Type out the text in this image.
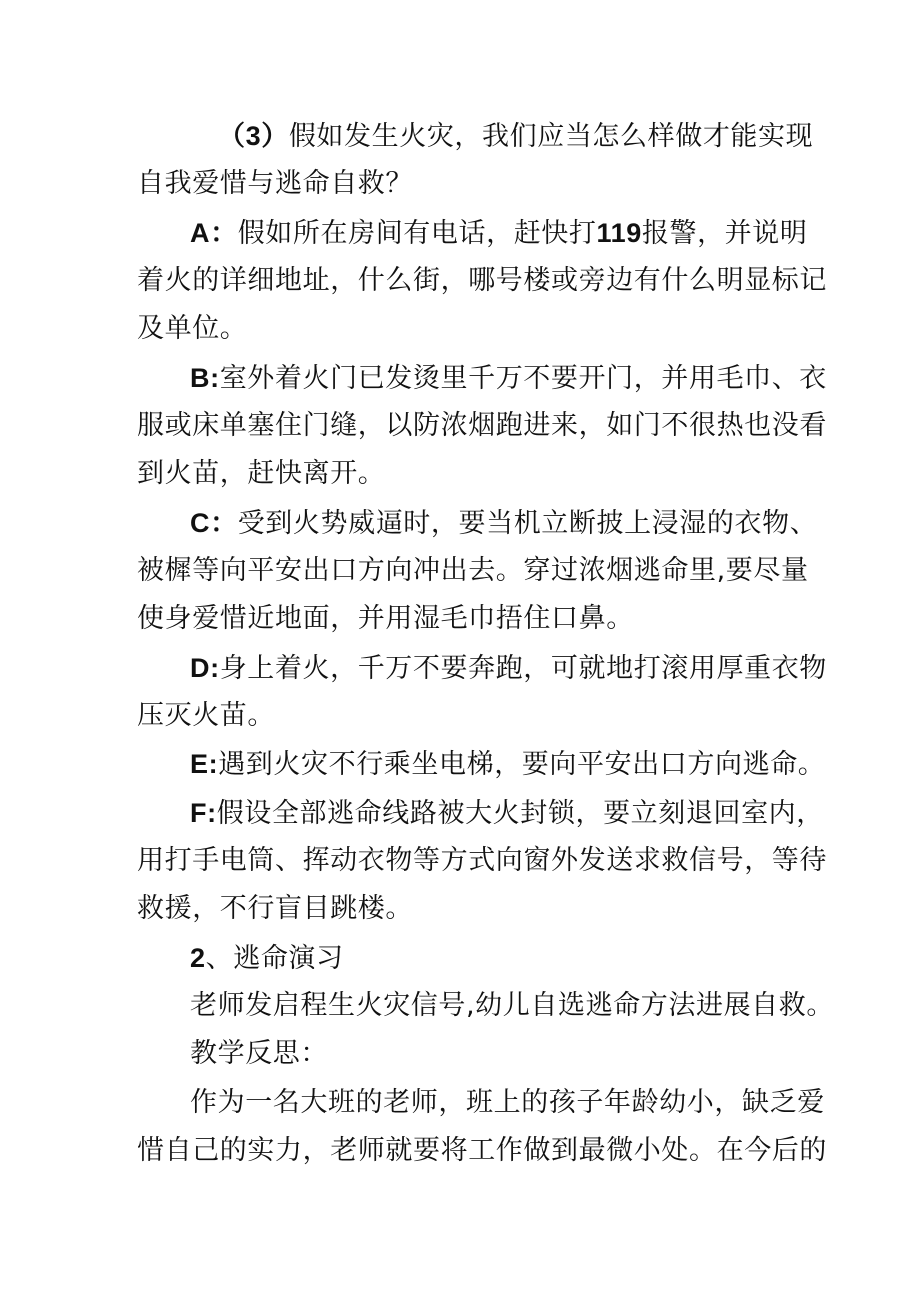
（3）假如发生火灾，我们应当怎么样做才能实现
自我爱惜与逃命自救？
A：假如所在房间有电话，赶快打119报警，并说明
着火的详细地址，什么街，哪号楼或旁边有什么明显标记
及单位。
B:室外着火门已发烫里千万不要开门，并用毛巾、衣
服或床单塞住门缝，以防浓烟跑进来，如门不很热也没看
到火苗，赶快离开。
C：受到火势威逼时，要当机立断披上浸湿的衣物、
被樨等向平安出口方向冲出去。穿过浓烟逃命里,要尽量
使身爱惜近地面，并用湿毛巾捂住口鼻。
D:身上着火，千万不要奔跑，可就地打滚用厚重衣物
压灭火苗。
E:遇到火灾不行乘坐电梯，要向平安出口方向逃命。
F:假设全部逃命线路被大火封锁，要立刻退回室内，
用打手电筒、挥动衣物等方式向窗外发送求救信号，等待
救援，不行盲目跳楼。
2、逃命演习
老师发启程生火灾信号,幼儿自选逃命方法进展自救。
教学反思：
作为一名大班的老师，班上的孩子年龄幼小，缺乏爱
惜自己的实力，老师就要将工作做到最微小处。在今后的
